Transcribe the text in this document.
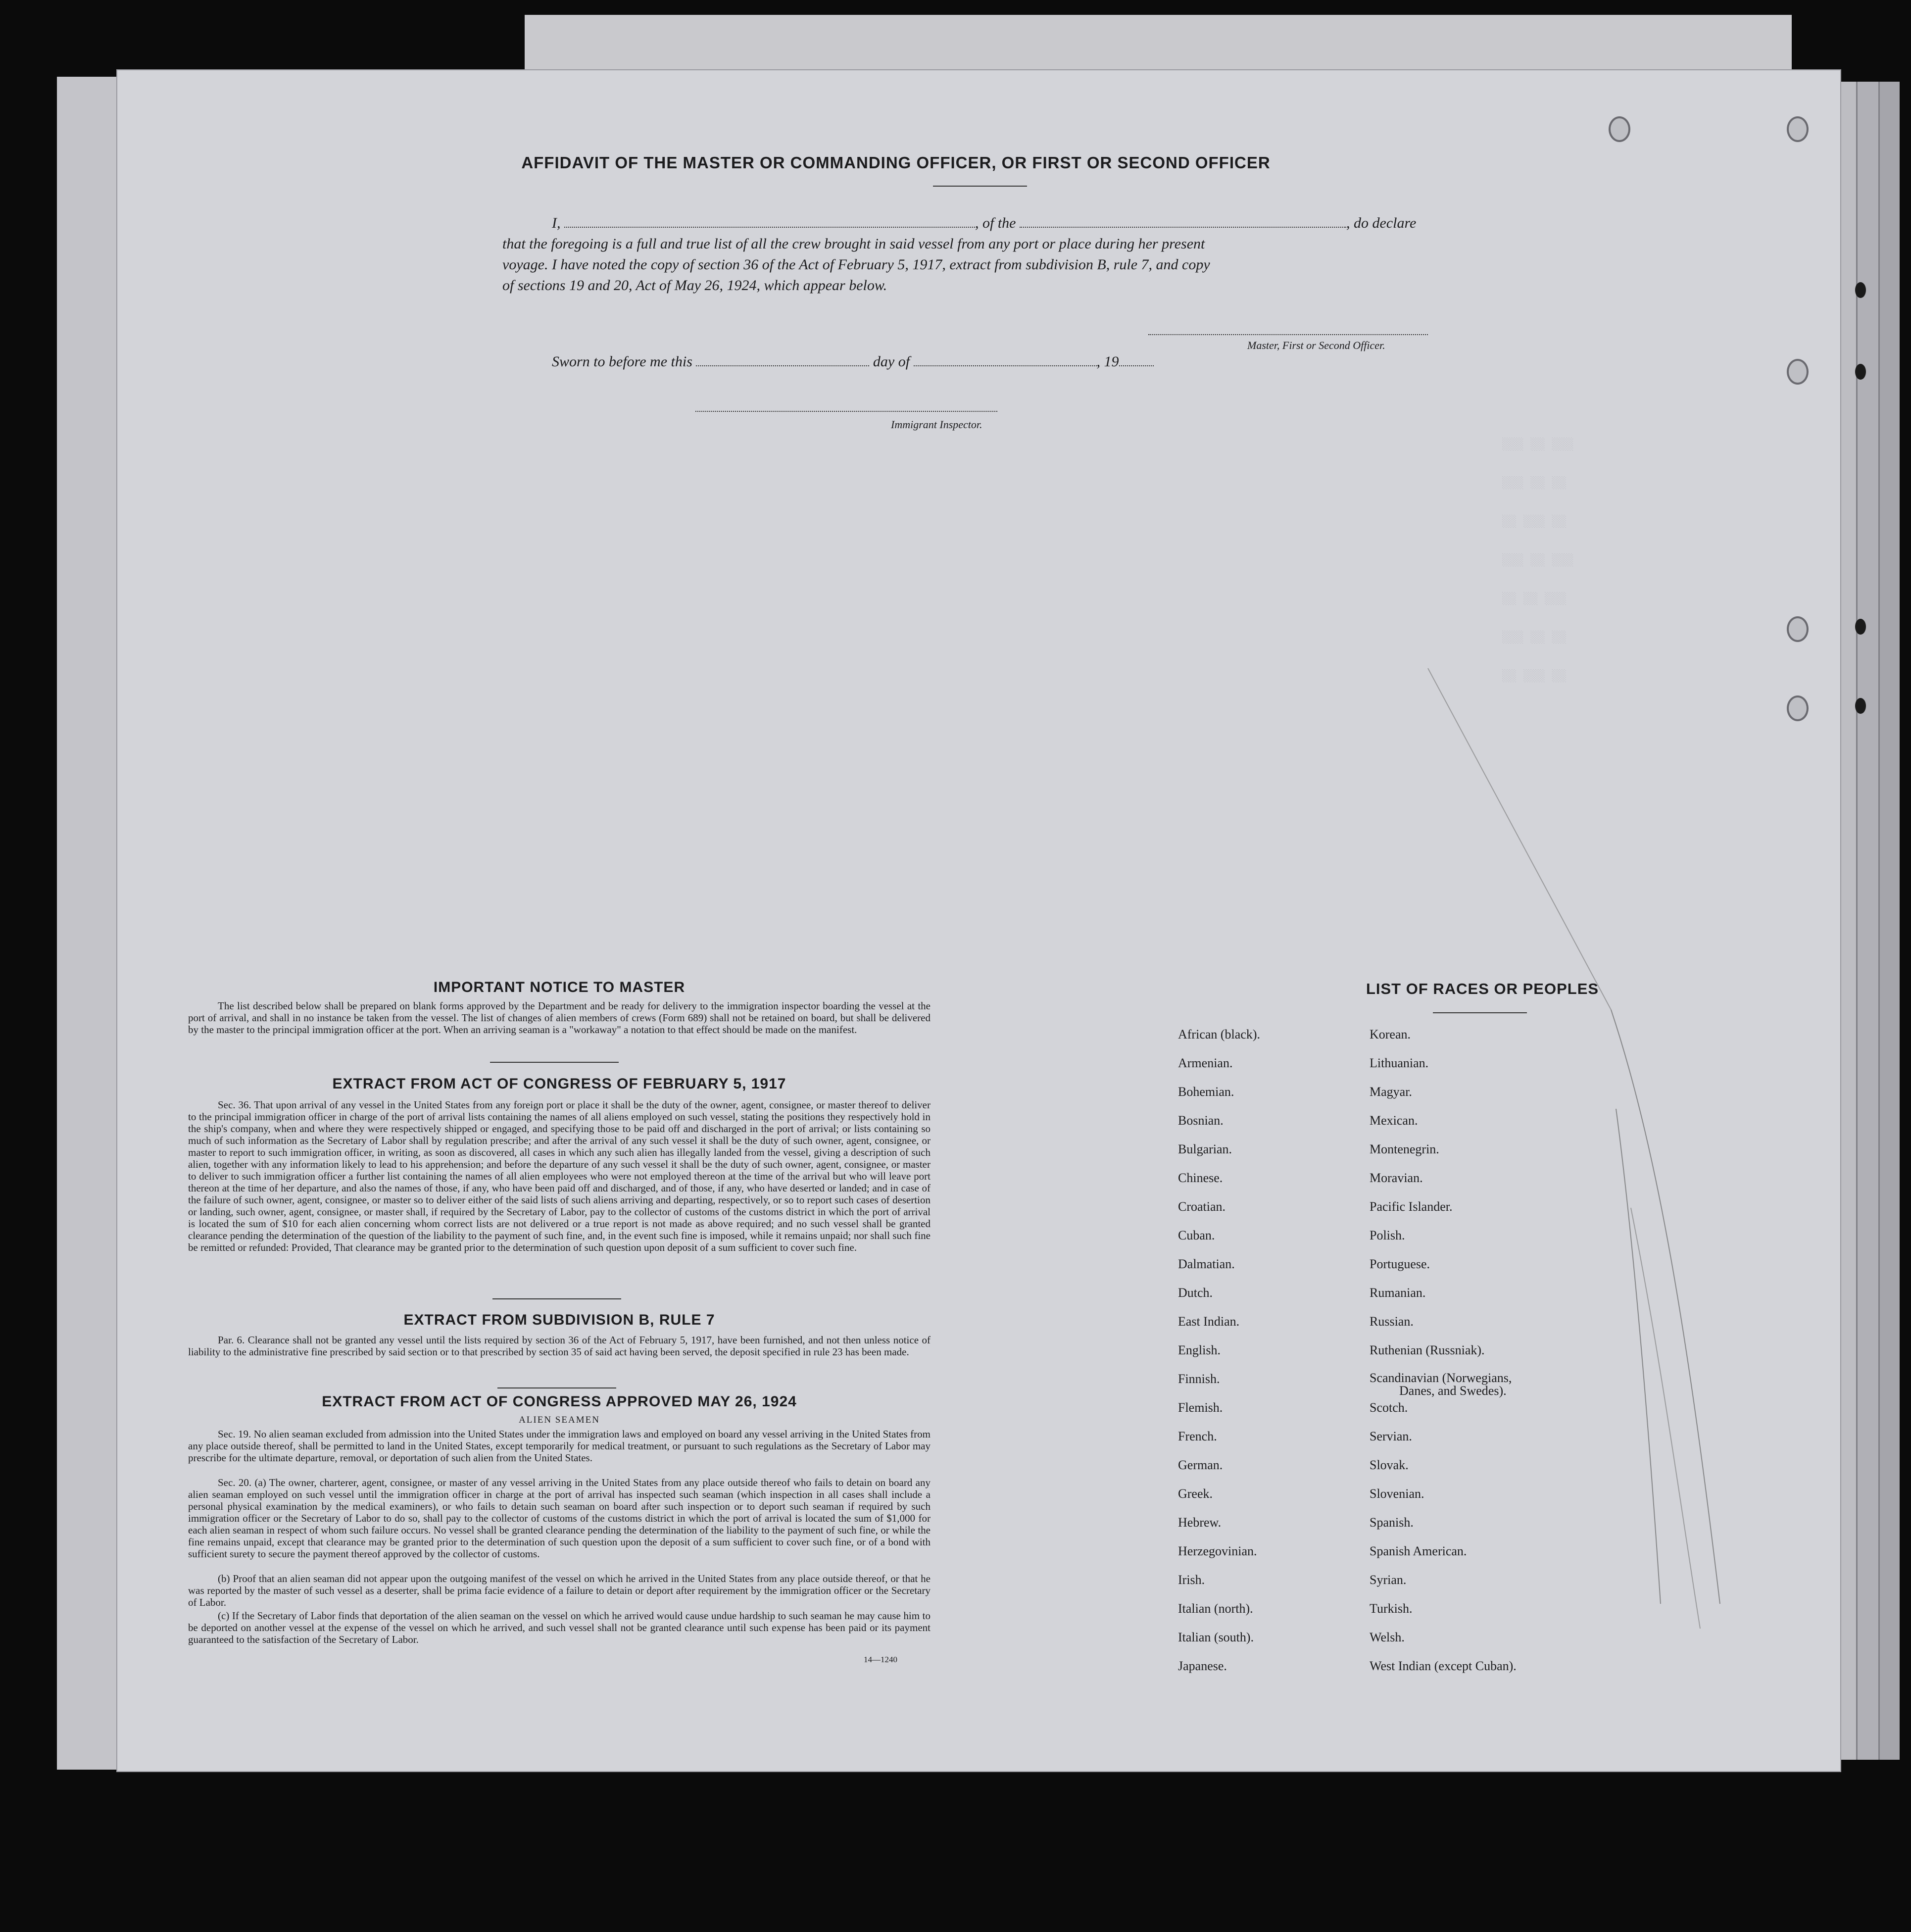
░░░ ░░ ░░░
░░░ ░░ ░░
░░ ░░░ ░░
░░░ ░░ ░░░
░░ ░░ ░░░
░░░ ░░ ░░
░░ ░░░ ░░
AFFIDAVIT OF THE MASTER OR COMMANDING OFFICER, OR FIRST OR SECOND OFFICER
I,	, of the	, do declare
that the foregoing is a full and true list of all the crew brought in said vessel from any port or place during her present
voyage. I have noted the copy of section 36 of the Act of February 5, 1917, extract from subdivision B, rule 7, and copy
of sections 19 and 20, Act of May 26, 1924, which appear below.
Master, First or Second Officer.
Sworn to before me this	day of	, 19
Immigrant Inspector.
IMPORTANT NOTICE TO MASTER
The list described below shall be prepared on blank forms approved by the Department and be ready for delivery to the immigration inspector boarding the vessel at the port of arrival, and shall in no instance be taken from the vessel. The list of changes of alien members of crews (Form 689) shall not be retained on board, but shall be delivered by the master to the principal immigration officer at the port. When an arriving seaman is a "workaway" a notation to that effect should be made on the manifest.
EXTRACT FROM ACT OF CONGRESS OF FEBRUARY 5, 1917
Sec. 36. That upon arrival of any vessel in the United States from any foreign port or place it shall be the duty of the owner, agent, consignee, or master thereof to deliver to the principal immigration officer in charge of the port of arrival lists containing the names of all aliens employed on such vessel, stating the positions they respectively hold in the ship's company, when and where they were respectively shipped or engaged, and specifying those to be paid off and discharged in the port of arrival; or lists containing so much of such information as the Secretary of Labor shall by regulation prescribe; and after the arrival of any such vessel it shall be the duty of such owner, agent, consignee, or master to report to such immigration officer, in writing, as soon as discovered, all cases in which any such alien has illegally landed from the vessel, giving a description of such alien, together with any information likely to lead to his apprehension; and before the departure of any such vessel it shall be the duty of such owner, agent, consignee, or master to deliver to such immigration officer a further list containing the names of all alien employees who were not employed thereon at the time of the arrival but who will leave port thereon at the time of her departure, and also the names of those, if any, who have been paid off and discharged, and of those, if any, who have deserted or landed; and in case of the failure of such owner, agent, consignee, or master so to deliver either of the said lists of such aliens arriving and departing, respectively, or so to report such cases of desertion or landing, such owner, agent, consignee, or master shall, if required by the Secretary of Labor, pay to the collector of customs of the customs district in which the port of arrival is located the sum of $10 for each alien concerning whom correct lists are not delivered or a true report is not made as above required; and no such vessel shall be granted clearance pending the determination of the question of the liability to the payment of such fine, and, in the event such fine is imposed, while it remains unpaid; nor shall such fine be remitted or refunded: Provided, That clearance may be granted prior to the determination of such question upon deposit of a sum sufficient to cover such fine.
EXTRACT FROM SUBDIVISION B, RULE 7
Par. 6. Clearance shall not be granted any vessel until the lists required by section 36 of the Act of February 5, 1917, have been furnished, and not then unless notice of liability to the administrative fine prescribed by said section or to that prescribed by section 35 of said act having been served, the deposit specified in rule 23 has been made.
EXTRACT FROM ACT OF CONGRESS APPROVED MAY 26, 1924
ALIEN SEAMEN
Sec. 19. No alien seaman excluded from admission into the United States under the immigration laws and employed on board any vessel arriving in the United States from any place outside thereof, shall be permitted to land in the United States, except temporarily for medical treatment, or pursuant to such regulations as the Secretary of Labor may prescribe for the ultimate departure, removal, or deportation of such alien from the United States.
Sec. 20. (a) The owner, charterer, agent, consignee, or master of any vessel arriving in the United States from any place outside thereof who fails to detain on board any alien seaman employed on such vessel until the immigration officer in charge at the port of arrival has inspected such seaman (which inspection in all cases shall include a personal physical examination by the medical examiners), or who fails to detain such seaman on board after such inspection or to deport such seaman if required by such immigration officer or the Secretary of Labor to do so, shall pay to the collector of customs of the customs district in which the port of arrival is located the sum of $1,000 for each alien seaman in respect of whom such failure occurs. No vessel shall be granted clearance pending the determination of the liability to the payment of such fine, or while the fine remains unpaid, except that clearance may be granted prior to the determination of such question upon the deposit of a sum sufficient to cover such fine, or of a bond with sufficient surety to secure the payment thereof approved by the collector of customs.
(b) Proof that an alien seaman did not appear upon the outgoing manifest of the vessel on which he arrived in the United States from any place outside thereof, or that he was reported by the master of such vessel as a deserter, shall be prima facie evidence of a failure to detain or deport after requirement by the immigration officer or the Secretary of Labor.
(c) If the Secretary of Labor finds that deportation of the alien seaman on the vessel on which he arrived would cause undue hardship to such seaman he may cause him to be deported on another vessel at the expense of the vessel on which he arrived, and such vessel shall not be granted clearance until such expense has been paid or its payment guaranteed to the satisfaction of the Secretary of Labor.
14—1240
LIST OF RACES OR PEOPLES
African (black).
Armenian.
Bohemian.
Bosnian.
Bulgarian.
Chinese.
Croatian.
Cuban.
Dalmatian.
Dutch.
East Indian.
English.
Finnish.
Flemish.
French.
German.
Greek.
Hebrew.
Herzegovinian.
Irish.
Italian (north).
Italian (south).
Japanese.
Korean.
Lithuanian.
Magyar.
Mexican.
Montenegrin.
Moravian.
Pacific Islander.
Polish.
Portuguese.
Rumanian.
Russian.
Ruthenian (Russniak).
Scandinavian (Norwegians,
Danes, and Swedes).
Scotch.
Servian.
Slovak.
Slovenian.
Spanish.
Spanish American.
Syrian.
Turkish.
Welsh.
West Indian (except Cuban).
